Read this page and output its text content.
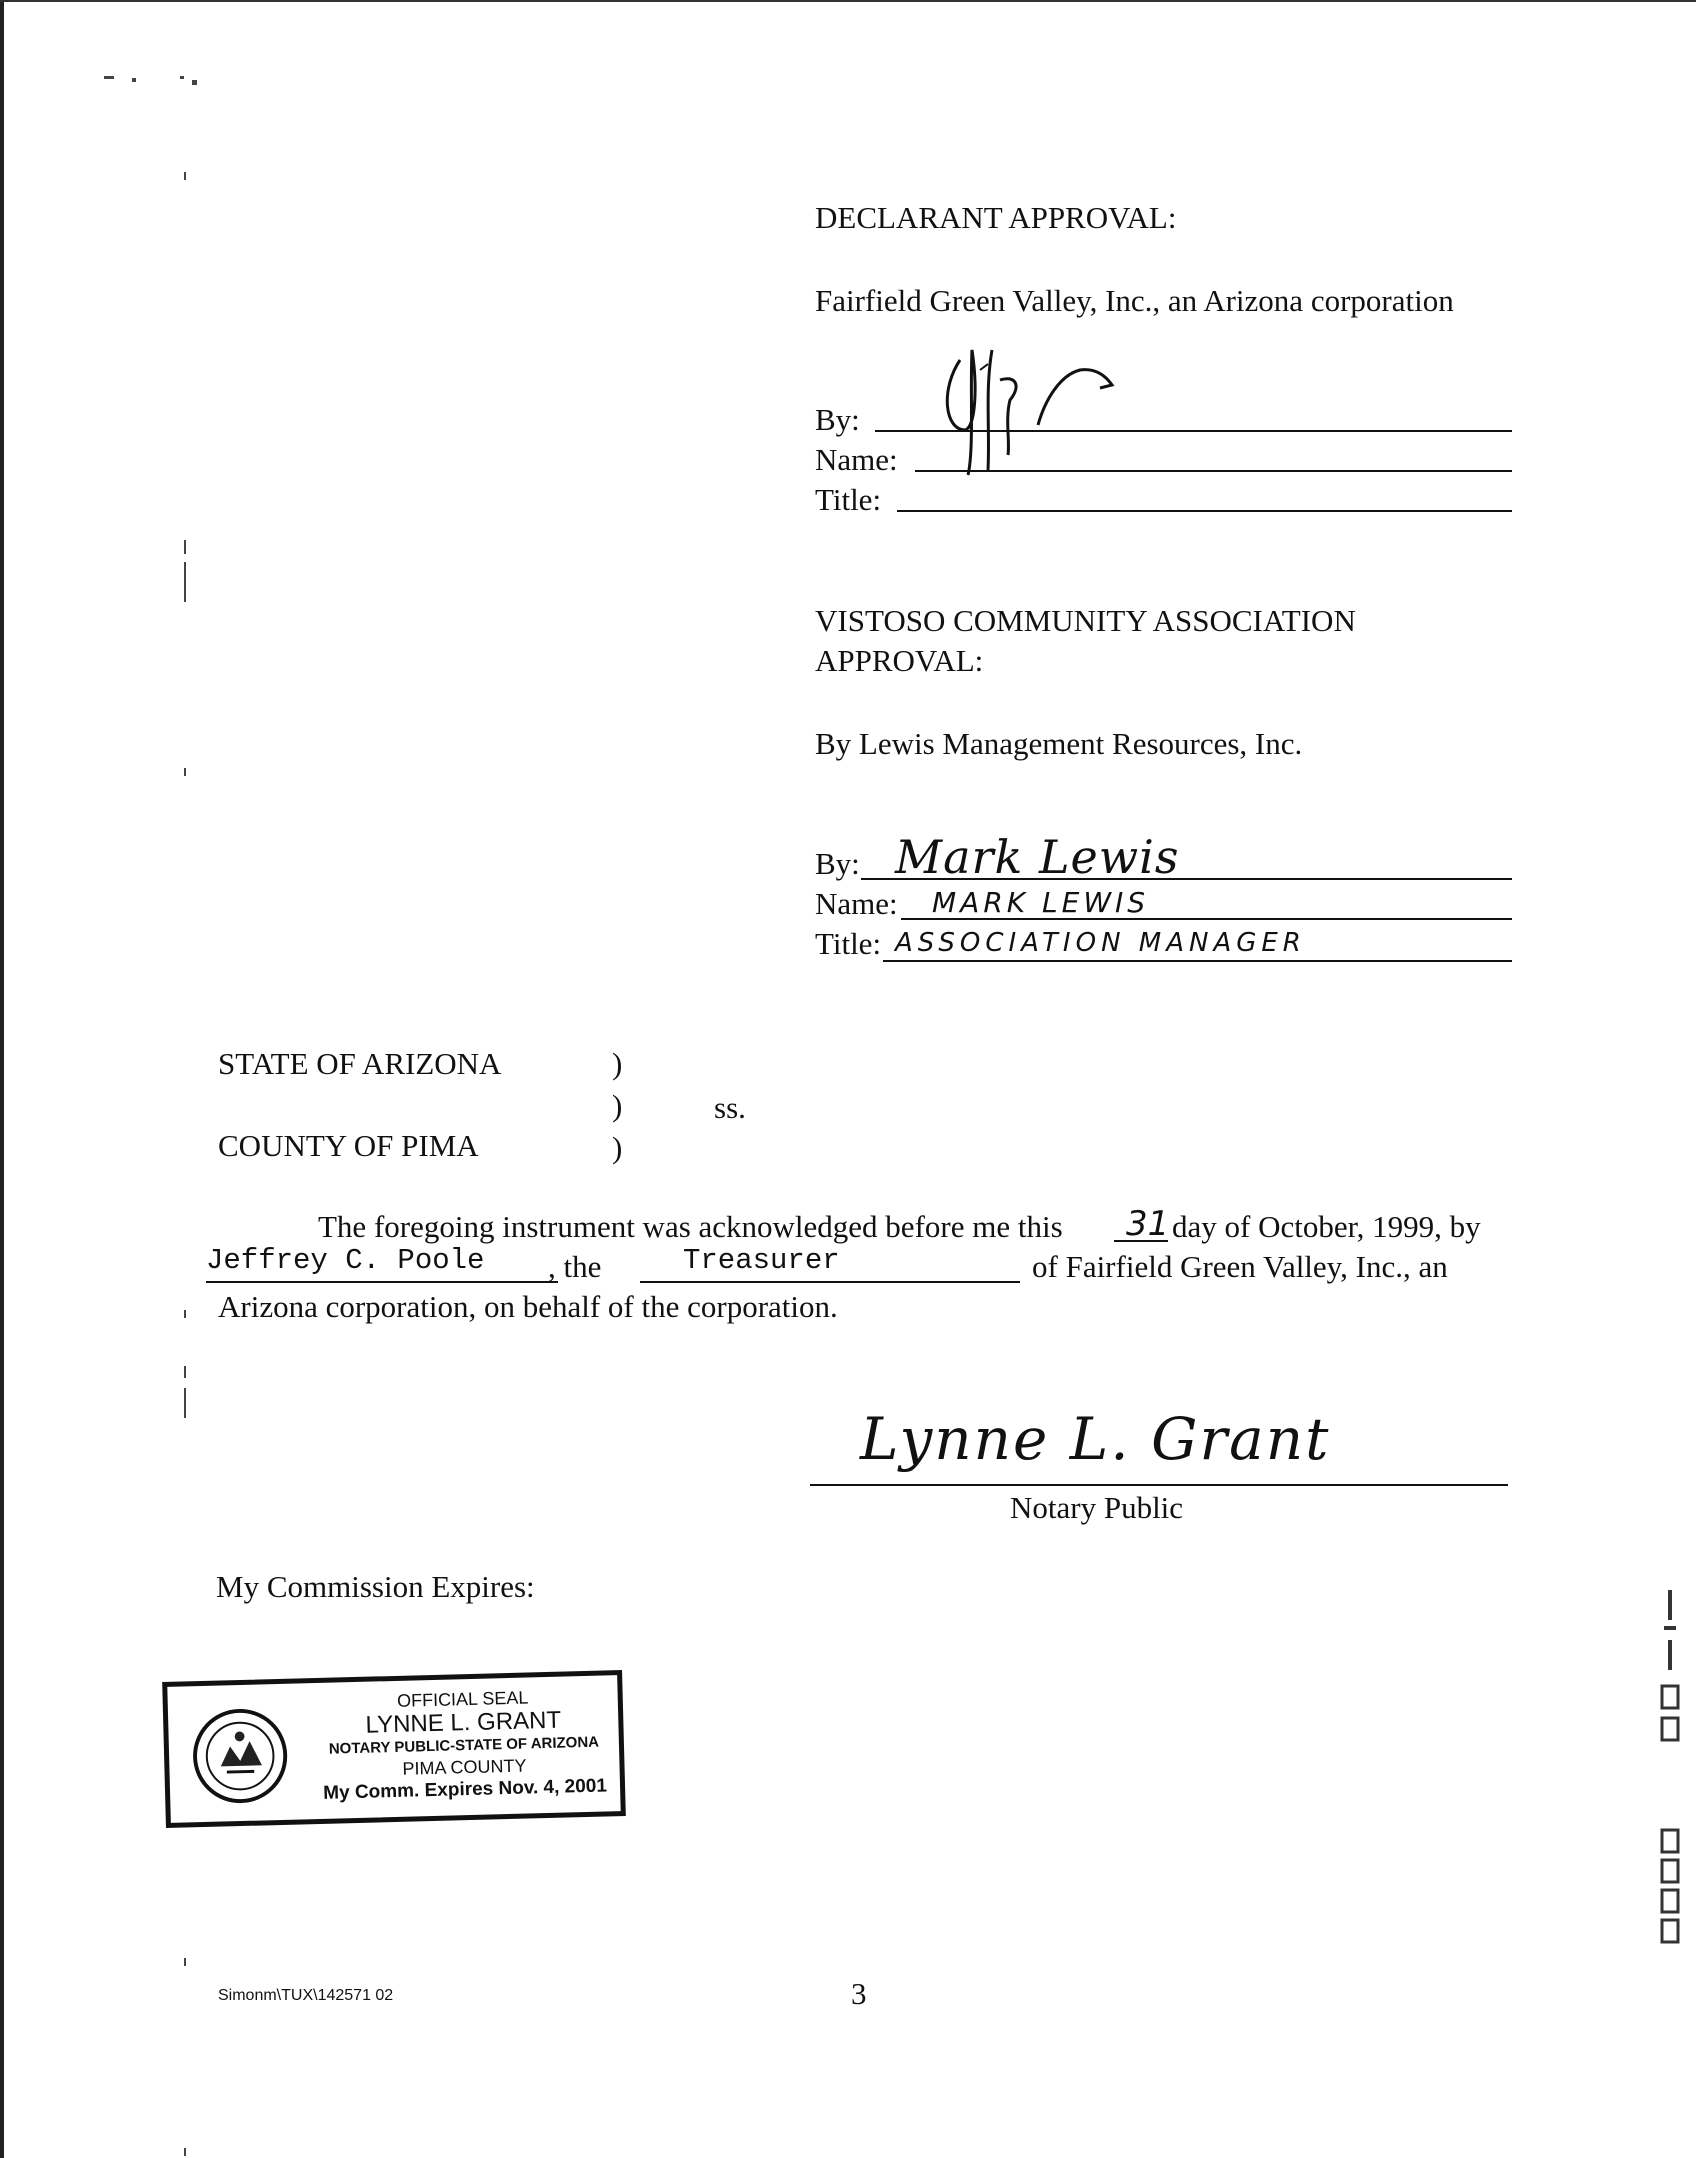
DECLARANT APPROVAL:
Fairfield Green Valley, Inc., an Arizona corporation
By:
Name:
Title:
VISTOSO COMMUNITY ASSOCIATION
APPROVAL:
By Lewis Management Resources, Inc.
By: Mark Lewis
Name: MARK LEWIS
Title: ASSOCIATION MANAGER
STATE OF ARIZONA	)
)	ss.
COUNTY OF PIMA	)
The foregoing instrument was acknowledged before me this 31 day of October, 1999, by
Jeffrey C. Poole , the	Treasurer	of Fairfield Green Valley, Inc., an
Arizona corporation, on behalf of the corporation.
Lynne L. Grant
Notary Public
My Commission Expires:
OFFICIAL SEAL
LYNNE L. GRANT
NOTARY PUBLIC-STATE OF ARIZONA
PIMA COUNTY
My Comm. Expires Nov. 4, 2001
Simonm\TUX\142571 02	3
